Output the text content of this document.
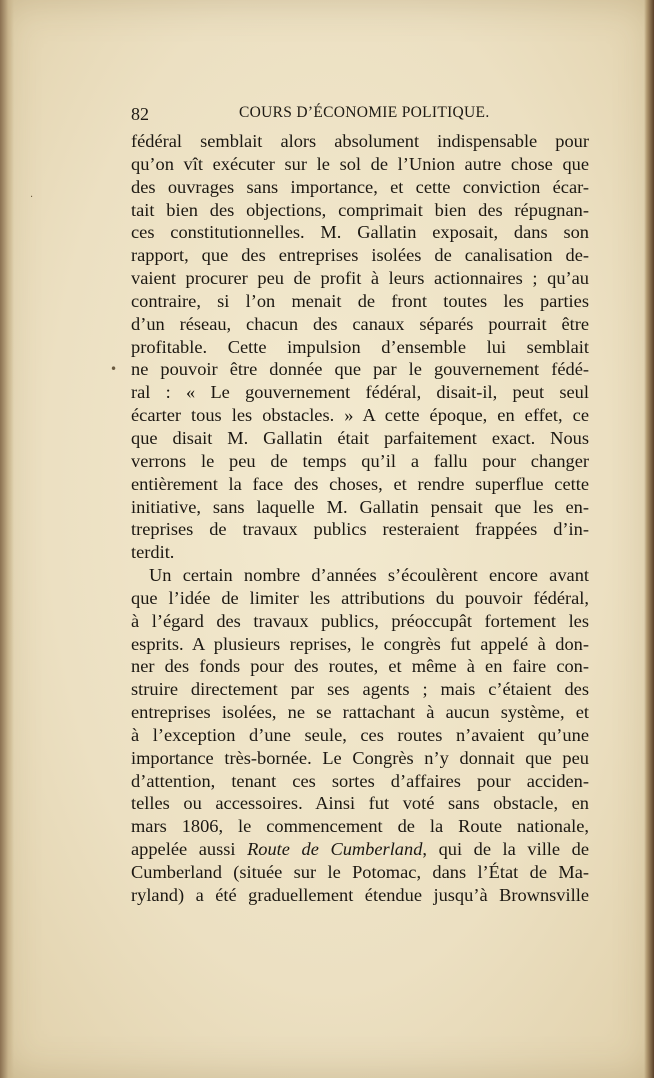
82	COURS D’ÉCONOMIE POLITIQUE.
fédéral semblait alors absolument indispensable pour
qu’on vît exécuter sur le sol de l’Union autre chose que
des ouvrages sans importance, et cette conviction écar-
tait bien des objections, comprimait bien des répugnan-
ces constitutionnelles. M. Gallatin exposait, dans son
rapport, que des entreprises isolées de canalisation de-
vaient procurer peu de profit à leurs actionnaires ; qu’au
contraire, si l’on menait de front toutes les parties
d’un réseau, chacun des canaux séparés pourrait être
profitable. Cette impulsion d’ensemble lui semblait
ne pouvoir être donnée que par le gouvernement fédé-
ral : « Le gouvernement fédéral, disait-il, peut seul
écarter tous les obstacles. » A cette époque, en effet, ce
que disait M. Gallatin était parfaitement exact. Nous
verrons le peu de temps qu’il a fallu pour changer
entièrement la face des choses, et rendre superflue cette
initiative, sans laquelle M. Gallatin pensait que les en-
treprises de travaux publics resteraient frappées d’in-
terdit.
Un certain nombre d’années s’écoulèrent encore avant
que l’idée de limiter les attributions du pouvoir fédéral,
à l’égard des travaux publics, préoccupât fortement les
esprits. A plusieurs reprises, le congrès fut appelé à don-
ner des fonds pour des routes, et même à en faire con-
struire directement par ses agents ; mais c’étaient des
entreprises isolées, ne se rattachant à aucun système, et
à l’exception d’une seule, ces routes n’avaient qu’une
importance très-bornée. Le Congrès n’y donnait que peu
d’attention, tenant ces sortes d’affaires pour acciden-
telles ou accessoires. Ainsi fut voté sans obstacle, en
mars 1806, le commencement de la Route nationale,
appelée aussi Route de Cumberland, qui de la ville de
Cumberland (située sur le Potomac, dans l’État de Ma-
ryland) a été graduellement étendue jusqu’à Brownsville
•
·
